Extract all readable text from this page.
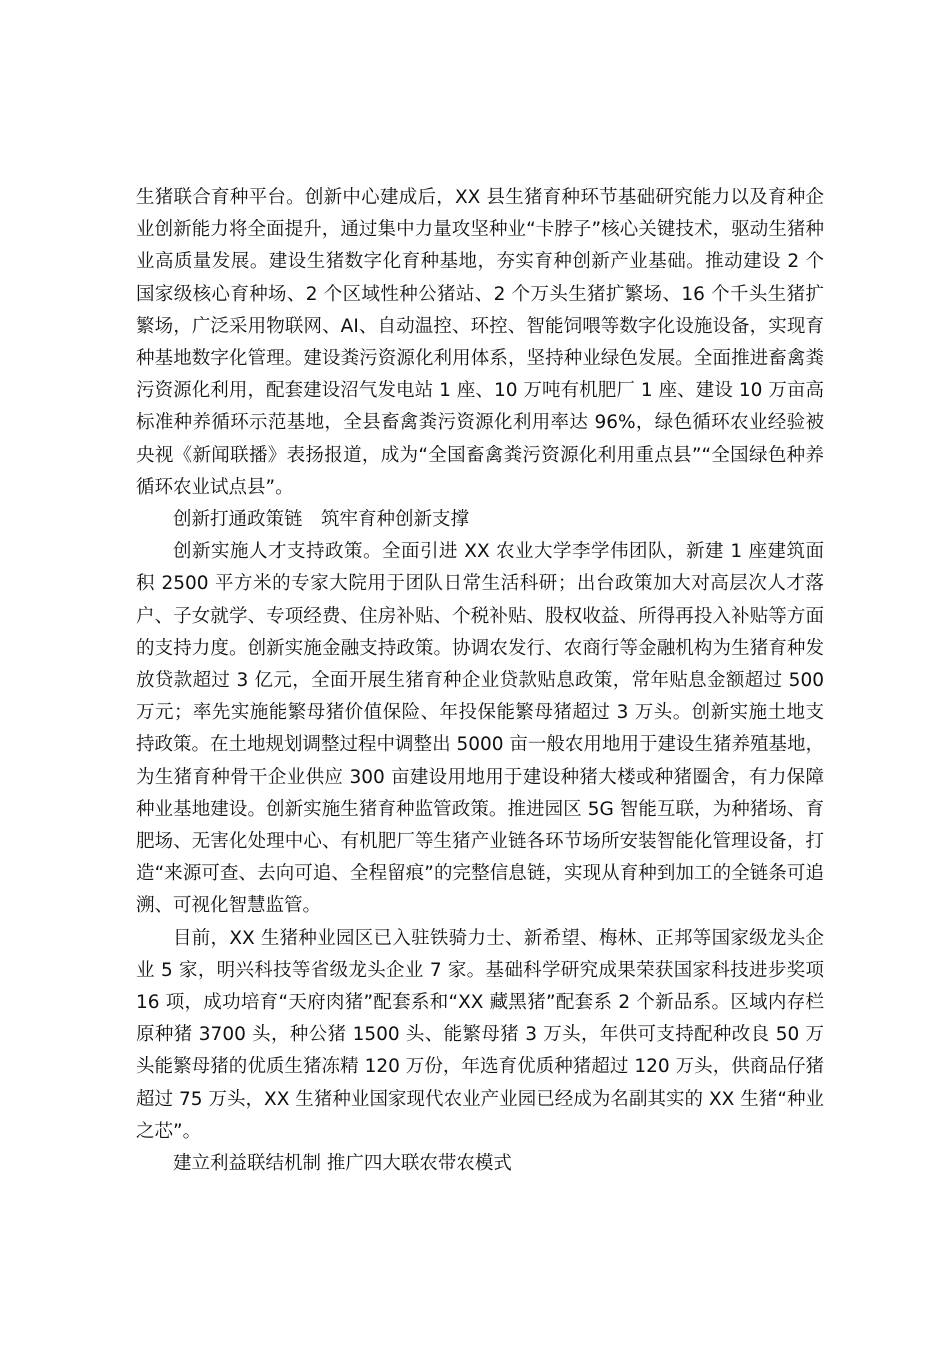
生猪联合育种平台。创新中心建成后，XX 县生猪育种环节基础研究能力以及育种企业创新能力将全面提升，通过集中力量攻坚种业“卡脖子”核心关键技术，驱动生猪种业高质量发展。建设生猪数字化育种基地，夯实育种创新产业基础。推动建设 2 个国家级核心育种场、2 个区域性种公猪站、2 个万头生猪扩繁场、16 个千头生猪扩繁场，广泛采用物联网、AI、自动温控、环控、智能饲喂等数字化设施设备，实现育种基地数字化管理。建设粪污资源化利用体系，坚持种业绿色发展。全面推进畜禽粪污资源化利用，配套建设沼气发电站 1 座、10 万吨有机肥厂 1 座、建设 10 万亩高标准种养循环示范基地，全县畜禽粪污资源化利用率达 96%，绿色循环农业经验被央视《新闻联播》表扬报道，成为“全国畜禽粪污资源化利用重点县”“全国绿色种养循环农业试点县”。

创新打通政策链　筑牢育种创新支撑

创新实施人才支持政策。全面引进 XX 农业大学李学伟团队，新建 1 座建筑面积 2500 平方米的专家大院用于团队日常生活科研；出台政策加大对高层次人才落户、子女就学、专项经费、住房补贴、个税补贴、股权收益、所得再投入补贴等方面的支持力度。创新实施金融支持政策。协调农发行、农商行等金融机构为生猪育种发放贷款超过 3 亿元，全面开展生猪育种企业贷款贴息政策，常年贴息金额超过 500 万元；率先实施能繁母猪价值保险、年投保能繁母猪超过 3 万头。创新实施土地支持政策。在土地规划调整过程中调整出 5000 亩一般农用地用于建设生猪养殖基地，为生猪育种骨干企业供应 300 亩建设用地用于建设种猪大楼或种猪圈舍，有力保障种业基地建设。创新实施生猪育种监管政策。推进园区 5G 智能互联，为种猪场、育肥场、无害化处理中心、有机肥厂等生猪产业链各环节场所安装智能化管理设备，打造“来源可查、去向可追、全程留痕”的完整信息链，实现从育种到加工的全链条可追溯、可视化智慧监管。

目前，XX 生猪种业园区已入驻铁骑力士、新希望、梅林、正邦等国家级龙头企业 5 家，明兴科技等省级龙头企业 7 家。基础科学研究成果荣获国家科技进步奖项 16 项，成功培育“天府肉猪”配套系和“XX 藏黑猪”配套系 2 个新品系。区域内存栏原种猪 3700 头，种公猪 1500 头、能繁母猪 3 万头，年供可支持配种改良 50 万头能繁母猪的优质生猪冻精 120 万份，年选育优质种猪超过 120 万头，供商品仔猪超过 75 万头，XX 生猪种业国家现代农业产业园已经成为名副其实的 XX 生猪“种业之芯”。

建立利益联结机制 推广四大联农带农模式
